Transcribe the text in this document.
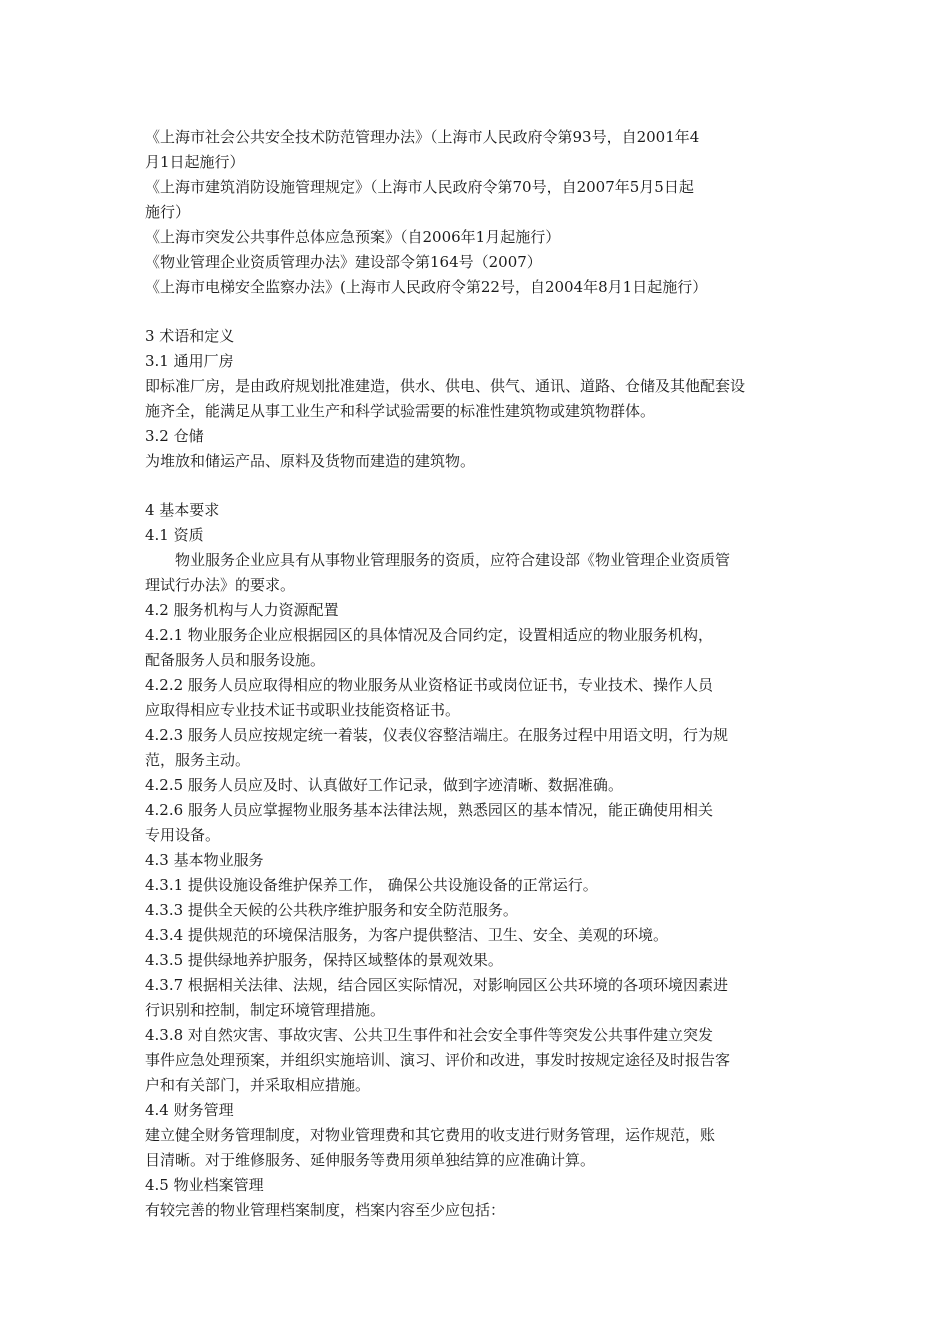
《上海市社会公共安全技术防范管理办法》（上海市人民政府令第93号，自2001年4

月1日起施行）

《上海市建筑消防设施管理规定》（上海市人民政府令第70号，自2007年5月5日起

施行）

《上海市突发公共事件总体应急预案》（自2006年1月起施行）

《物业管理企业资质管理办法》建设部令第164号（2007）

《上海市电梯安全监察办法》(上海市人民政府令第22号，自2004年8月1日起施行）

3 术语和定义

3.1 通用厂房

即标准厂房，是由政府规划批准建造，供水、供电、供气、通讯、道路、仓储及其他配套设

施齐全，能满足从事工业生产和科学试验需要的标准性建筑物或建筑物群体。

3.2 仓储

为堆放和储运产品、原料及货物而建造的建筑物。

4 基本要求

4.1 资质

物业服务企业应具有从事物业管理服务的资质，应符合建设部《物业管理企业资质管

理试行办法》的要求。

4.2 服务机构与人力资源配置

4.2.1 物业服务企业应根据园区的具体情况及合同约定，设置相适应的物业服务机构，

配备服务人员和服务设施。

4.2.2 服务人员应取得相应的物业服务从业资格证书或岗位证书，专业技术、操作人员

应取得相应专业技术证书或职业技能资格证书。

4.2.3 服务人员应按规定统一着装，仪表仪容整洁端庄。在服务过程中用语文明，行为规

范，服务主动。

4.2.5 服务人员应及时、认真做好工作记录，做到字迹清晰、数据准确。

4.2.6 服务人员应掌握物业服务基本法律法规，熟悉园区的基本情况，能正确使用相关

专用设备。

4.3 基本物业服务

4.3.1 提供设施设备维护保养工作， 确保公共设施设备的正常运行。

4.3.3 提供全天候的公共秩序维护服务和安全防范服务。

4.3.4 提供规范的环境保洁服务，为客户提供整洁、卫生、安全、美观的环境。

4.3.5 提供绿地养护服务，保持区域整体的景观效果。

4.3.7 根据相关法律、法规，结合园区实际情况，对影响园区公共环境的各项环境因素进

行识别和控制，制定环境管理措施。

4.3.8 对自然灾害、事故灾害、公共卫生事件和社会安全事件等突发公共事件建立突发

事件应急处理预案，并组织实施培训、演习、评价和改进，事发时按规定途径及时报告客

户和有关部门，并采取相应措施。

4.4 财务管理

建立健全财务管理制度，对物业管理费和其它费用的收支进行财务管理，运作规范，账

目清晰。对于维修服务、延伸服务等费用须单独结算的应准确计算。

4.5 物业档案管理

有较完善的物业管理档案制度，档案内容至少应包括：
